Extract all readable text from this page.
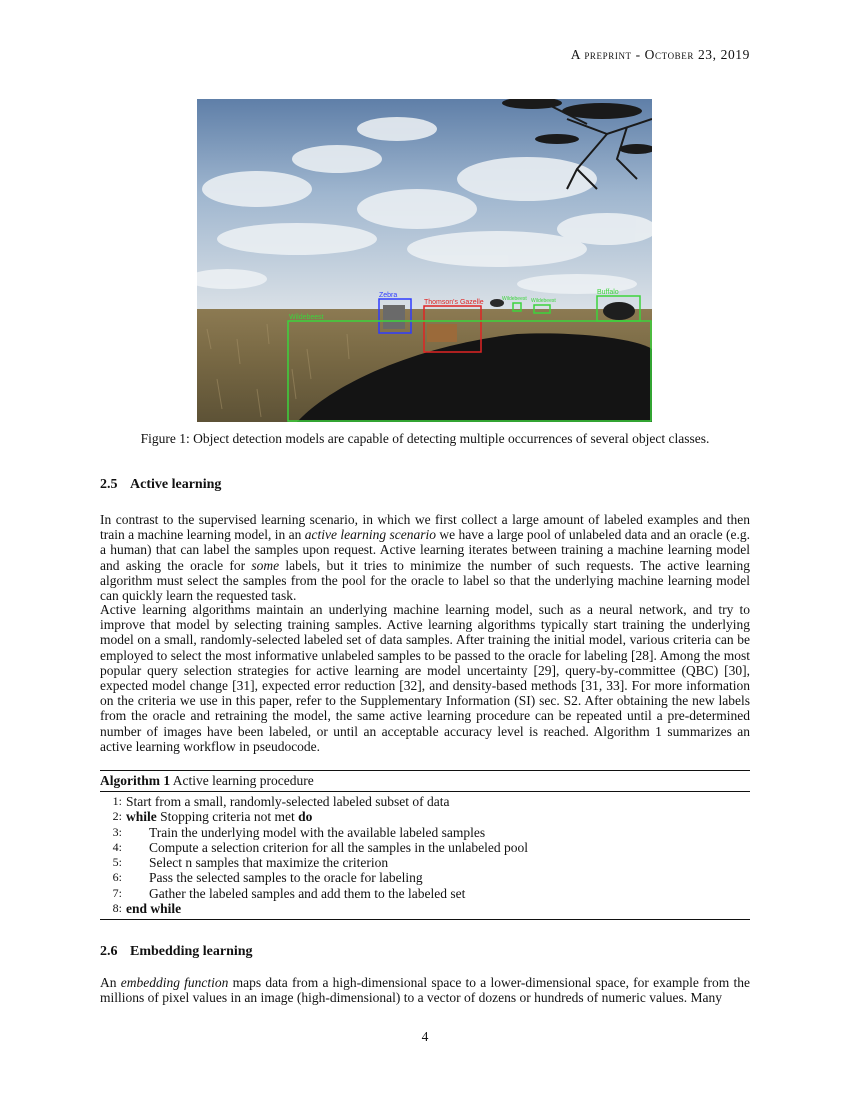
A preprint - October 23, 2019
Zebra
Thomson's Gazelle
Wildebeest
Buffalo
Wildebeest Wildebeest
Figure 1: Object detection models are capable of detecting multiple occurrences of several object classes.
2.5 Active learning

In contrast to the supervised learning scenario, in which we first collect a large amount of labeled examples and then train a machine learning model, in an active learning scenario we have a large pool of unlabeled data and an oracle (e.g. a human) that can label the samples upon request. Active learning iterates between training a machine learning model and asking the oracle for some labels, but it tries to minimize the number of such requests. The active learning algorithm must select the samples from the pool for the oracle to label so that the underlying machine learning model can quickly learn the requested task.

Active learning algorithms maintain an underlying machine learning model, such as a neural network, and try to improve that model by selecting training samples. Active learning algorithms typically start training the underlying model on a small, randomly-selected labeled set of data samples. After training the initial model, various criteria can be employed to select the most informative unlabeled samples to be passed to the oracle for labeling [28]. Among the most popular query selection strategies for active learning are model uncertainty [29], query-by-committee (QBC) [30], expected model change [31], expected error reduction [32], and density-based methods [31, 33]. For more information on the criteria we use in this paper, refer to the Supplementary Information (SI) sec. S2. After obtaining the new labels from the oracle and retraining the model, the same active learning procedure can be repeated until a pre-determined number of images have been labeled, or until an acceptable accuracy level is reached. Algorithm 1 summarizes an active learning workflow in pseudocode.

Algorithm 1 Active learning procedure
1: Start from a small, randomly-selected labeled subset of data
2: while Stopping criteria not met do
3:	Train the underlying model with the available labeled samples
4:	Compute a selection criterion for all the samples in the unlabeled pool
5:	Select n samples that maximize the criterion
6:	Pass the selected samples to the oracle for labeling
7:	Gather the labeled samples and add them to the labeled set
8: end while
2.6 Embedding learning

An embedding function maps data from a high-dimensional space to a lower-dimensional space, for example from the millions of pixel values in an image (high-dimensional) to a vector of dozens or hundreds of numeric values. Many

4
